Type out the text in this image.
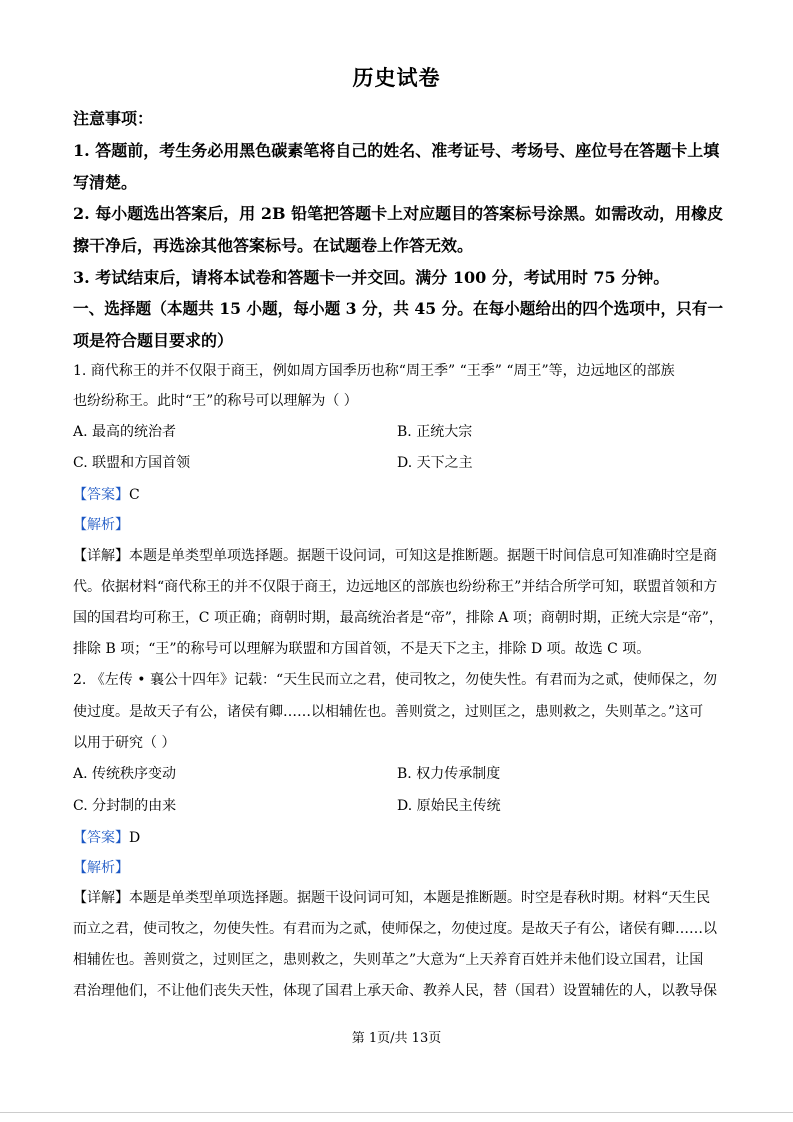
历史试卷
注意事项：
1. 答题前，考生务必用黑色碳素笔将自己的姓名、准考证号、考场号、座位号在答题卡上填
写清楚。
2. 每小题选出答案后，用 2B 铅笔把答题卡上对应题目的答案标号涂黑。如需改动，用橡皮
擦干净后，再选涂其他答案标号。在试题卷上作答无效。
3. 考试结束后，请将本试卷和答题卡一并交回。满分 100 分，考试用时 75 分钟。
一、选择题（本题共 15 小题，每小题 3 分，共 45 分。在每小题给出的四个选项中，只有一
项是符合题目要求的）
1. 商代称王的并不仅限于商王，例如周方国季历也称“周王季” “王季” “周王”等，边远地区的部族
也纷纷称王。此时“王”的称号可以理解为（ ）
A. 最高的统治者	B. 正统大宗
C. 联盟和方国首领	D. 天下之主
【答案】C
【解析】
【详解】本题是单类型单项选择题。据题干设问词，可知这是推断题。据题干时间信息可知准确时空是商
代。依据材料“商代称王的并不仅限于商王，边远地区的部族也纷纷称王”并结合所学可知，联盟首领和方
国的国君均可称王，C 项正确；商朝时期，最高统治者是“帝”，排除 A 项；商朝时期，正统大宗是“帝”，
排除 B 项；“王”的称号可以理解为联盟和方国首领，不是天下之主，排除 D 项。故选 C 项。
2. 《左传 • 襄公十四年》记载：“天生民而立之君，使司牧之，勿使失性。有君而为之贰，使师保之，勿
使过度。是故天子有公，诸侯有卿……以相辅佐也。善则赏之，过则匡之，患则救之，失则革之。”这可
以用于研究（ ）
A. 传统秩序变动	B. 权力传承制度
C. 分封制的由来	D. 原始民主传统
【答案】D
【解析】
【详解】本题是单类型单项选择题。据题干设问词可知，本题是推断题。时空是春秋时期。材料“天生民
而立之君，使司牧之，勿使失性。有君而为之贰，使师保之，勿使过度。是故天子有公，诸侯有卿……以
相辅佐也。善则赏之，过则匡之，患则救之，失则革之”大意为“上天养育百姓并未他们设立国君，让国
君治理他们，不让他们丧失天性，体现了国君上承天命、教养人民，替（国君）设置辅佐的人，以教导保
第 1页/共 13页
